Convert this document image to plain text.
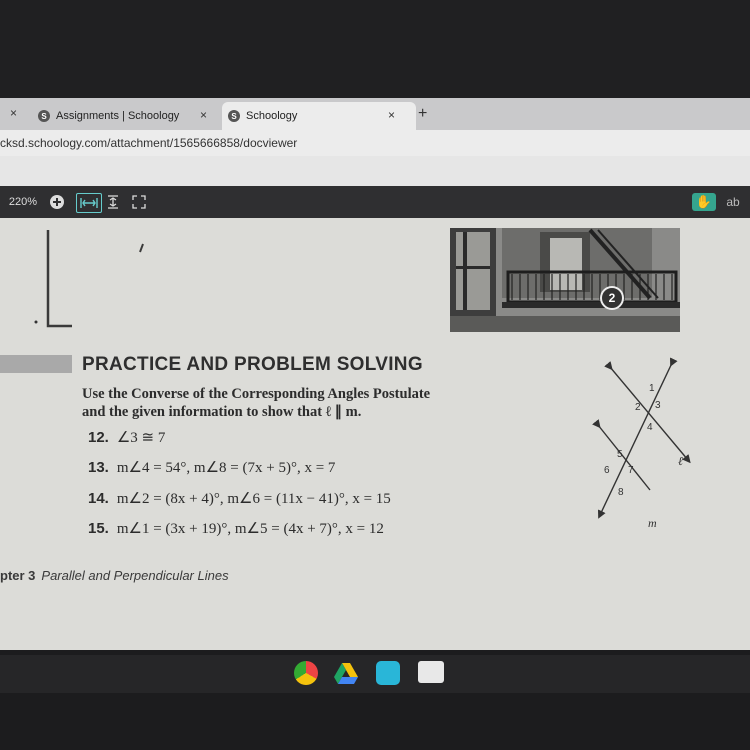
×	S Assignments | Schoology ×	S Schoology	× +
cksd.schoology.com/attachment/1565666858/docviewer
220%	✋	ab
2
PRACTICE AND PROBLEM SOLVING
Use the Converse of the Corresponding Angles Postulate
and the given information to show that ℓ ∥ m.
12. ∠3 ≅ 7
13. m∠4 = 54°, m∠8 = (7x + 5)°, x = 7
14. m∠2 = (8x + 4)°, m∠6 = (11x − 41)°, x = 15
15. m∠1 = (3x + 19)°, m∠5 = (4x + 7)°, x = 12
1
2 3
4
5
6 7
8
ℓ
m
pter 3 Parallel and Perpendicular Lines
